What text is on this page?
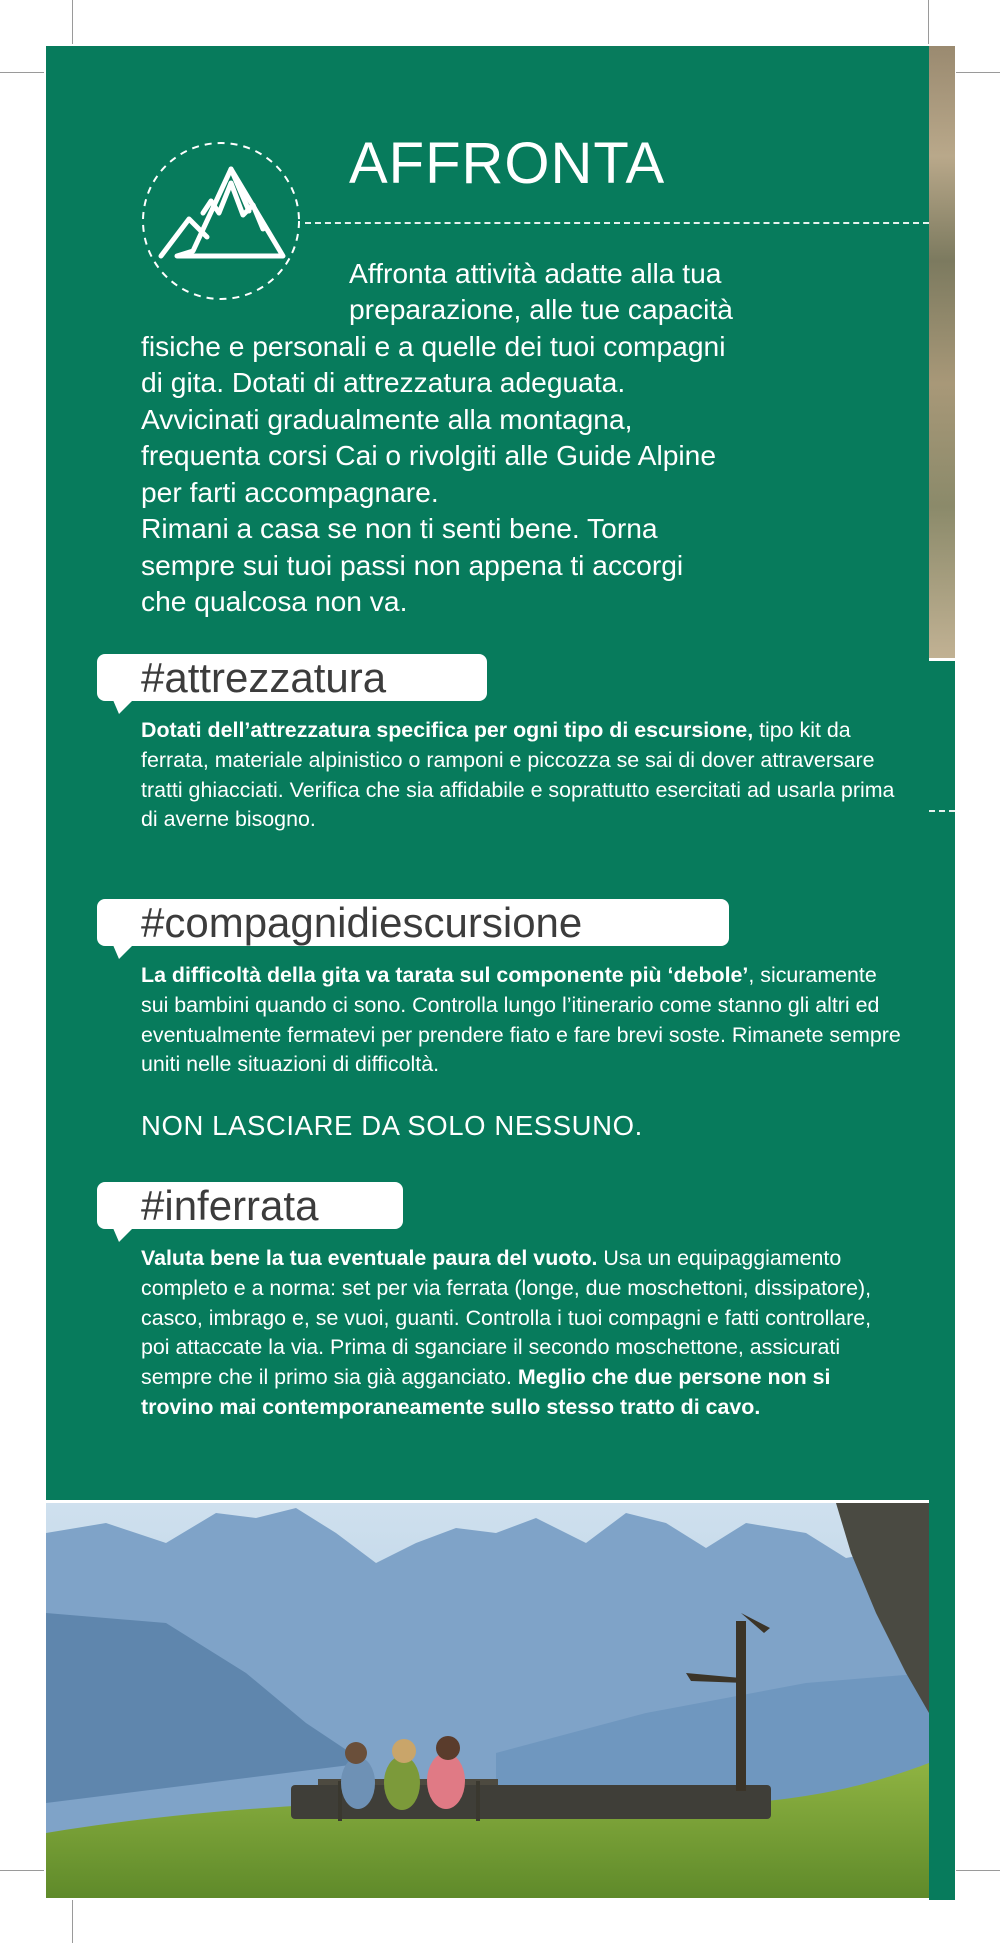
AFFRONTA
Affronta attività adatte alla tua
preparazione, alle tue capacità
fisiche e personali e a quelle dei tuoi compagni
di gita. Dotati di attrezzatura adeguata.
Avvicinati gradualmente alla montagna,
frequenta corsi Cai o rivolgiti alle Guide Alpine
per farti accompagnare.
Rimani a casa se non ti senti bene. Torna
sempre sui tuoi passi non appena ti accorgi
che qualcosa non va.
#attrezzatura

Dotati dell’attrezzatura specifica per ogni tipo di escursione, tipo kit da ferrata, materiale alpinistico o ramponi e piccozza se sai di dover attraversare tratti ghiacciati. Verifica che sia affidabile e soprattutto esercitati ad usarla prima di averne bisogno.

#compagnidiescursione

La difficoltà della gita va tarata sul componente più ‘debole’, sicuramente sui bambini quando ci sono. Controlla lungo l’itinerario come stanno gli altri ed eventualmente fermatevi per prendere fiato e fare brevi soste. Rimanete sempre uniti nelle situazioni di difficoltà.

NON LASCIARE DA SOLO NESSUNO.
#inferrata

Valuta bene la tua eventuale paura del vuoto. Usa un equipaggiamento completo e a norma: set per via ferrata (longe, due moschettoni, dissipatore), casco, imbrago e, se vuoi, guanti. Controlla i tuoi compagni e fatti controllare, poi attaccate la via. Prima di sganciare il secondo moschettone, assicurati sempre che il primo sia già agganciato. Meglio che due persone non si trovino mai contemporaneamente sullo stesso tratto di cavo.
